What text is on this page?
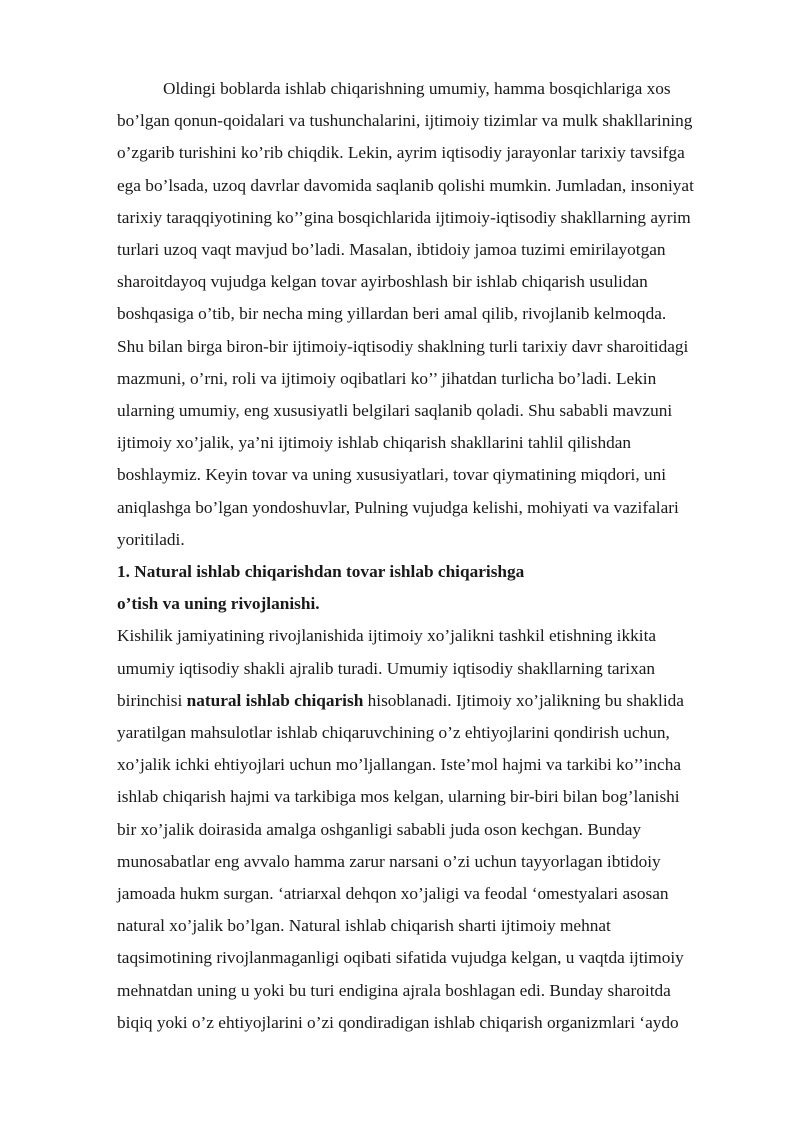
Oldingi boblarda ishlab chiqarishning umumiy, hamma bosqichlariga xos
bo’lgan qonun-qoidalari va tushunchalarini, ijtimoiy tizimlar va mulk shakllarining
o’zgarib turishini ko’rib chiqdik. Lekin, ayrim iqtisodiy jarayonlar tarixiy tavsifga
ega bo’lsada, uzoq davrlar davomida saqlanib qolishi mumkin. Jumladan, insoniyat
tarixiy taraqqiyotining ko’’gina bosqichlarida ijtimoiy-iqtisodiy shakllarning ayrim
turlari uzoq vaqt mavjud bo’ladi. Masalan, ibtidoiy jamoa tuzimi emirilayotgan
sharoitdayoq vujudga kelgan tovar ayirboshlash bir ishlab chiqarish usulidan
boshqasiga o’tib, bir necha ming yillardan beri amal qilib, rivojlanib kelmoqda.
Shu bilan birga biron-bir ijtimoiy-iqtisodiy shaklning turli tarixiy davr sharoitidagi
mazmuni, o’rni, roli va ijtimoiy oqibatlari ko’’ jihatdan turlicha bo’ladi. Lekin
ularning umumiy, eng xususiyatli belgilari saqlanib qoladi. Shu sababli mavzuni
ijtimoiy xo’jalik, ya’ni ijtimoiy ishlab chiqarish shakllarini tahlil qilishdan
boshlaymiz. Keyin tovar va uning xususiyatlari, tovar qiymatining miqdori, uni
aniqlashga bo’lgan yondoshuvlar, Pulning vujudga kelishi, mohiyati va vazifalari
yoritiladi.
1. Natural ishlab chiqarishdan tovar ishlab chiqarishga
o’tish va uning rivojlanishi.
Kishilik jamiyatining rivojlanishida ijtimoiy xo’jalikni tashkil etishning ikkita
umumiy iqtisodiy shakli ajralib turadi. Umumiy iqtisodiy shakllarning tarixan
birinchisi natural ishlab chiqarish hisoblanadi. Ijtimoiy xo’jalikning bu shaklida
yaratilgan mahsulotlar ishlab chiqaruvchining o’z ehtiyojlarini qondirish uchun,
xo’jalik ichki ehtiyojlari uchun mo’ljallangan. Iste’mol hajmi va tarkibi ko’’incha
ishlab chiqarish hajmi va tarkibiga mos kelgan, ularning bir-biri bilan bog’lanishi
bir xo’jalik doirasida amalga oshganligi sababli juda oson kechgan. Bunday
munosabatlar eng avvalo hamma zarur narsani o’zi uchun tayyorlagan ibtidoiy
jamoada hukm surgan. ‘atriarxal dehqon xo’jaligi va feodal ‘omestyalari asosan
natural xo’jalik bo’lgan. Natural ishlab chiqarish sharti ijtimoiy mehnat
taqsimotining rivojlanmaganligi oqibati sifatida vujudga kelgan, u vaqtda ijtimoiy
mehnatdan uning u yoki bu turi endigina ajrala boshlagan edi. Bunday sharoitda
biqiq yoki o’z ehtiyojlarini o’zi qondiradigan ishlab chiqarish organizmlari ‘aydo
